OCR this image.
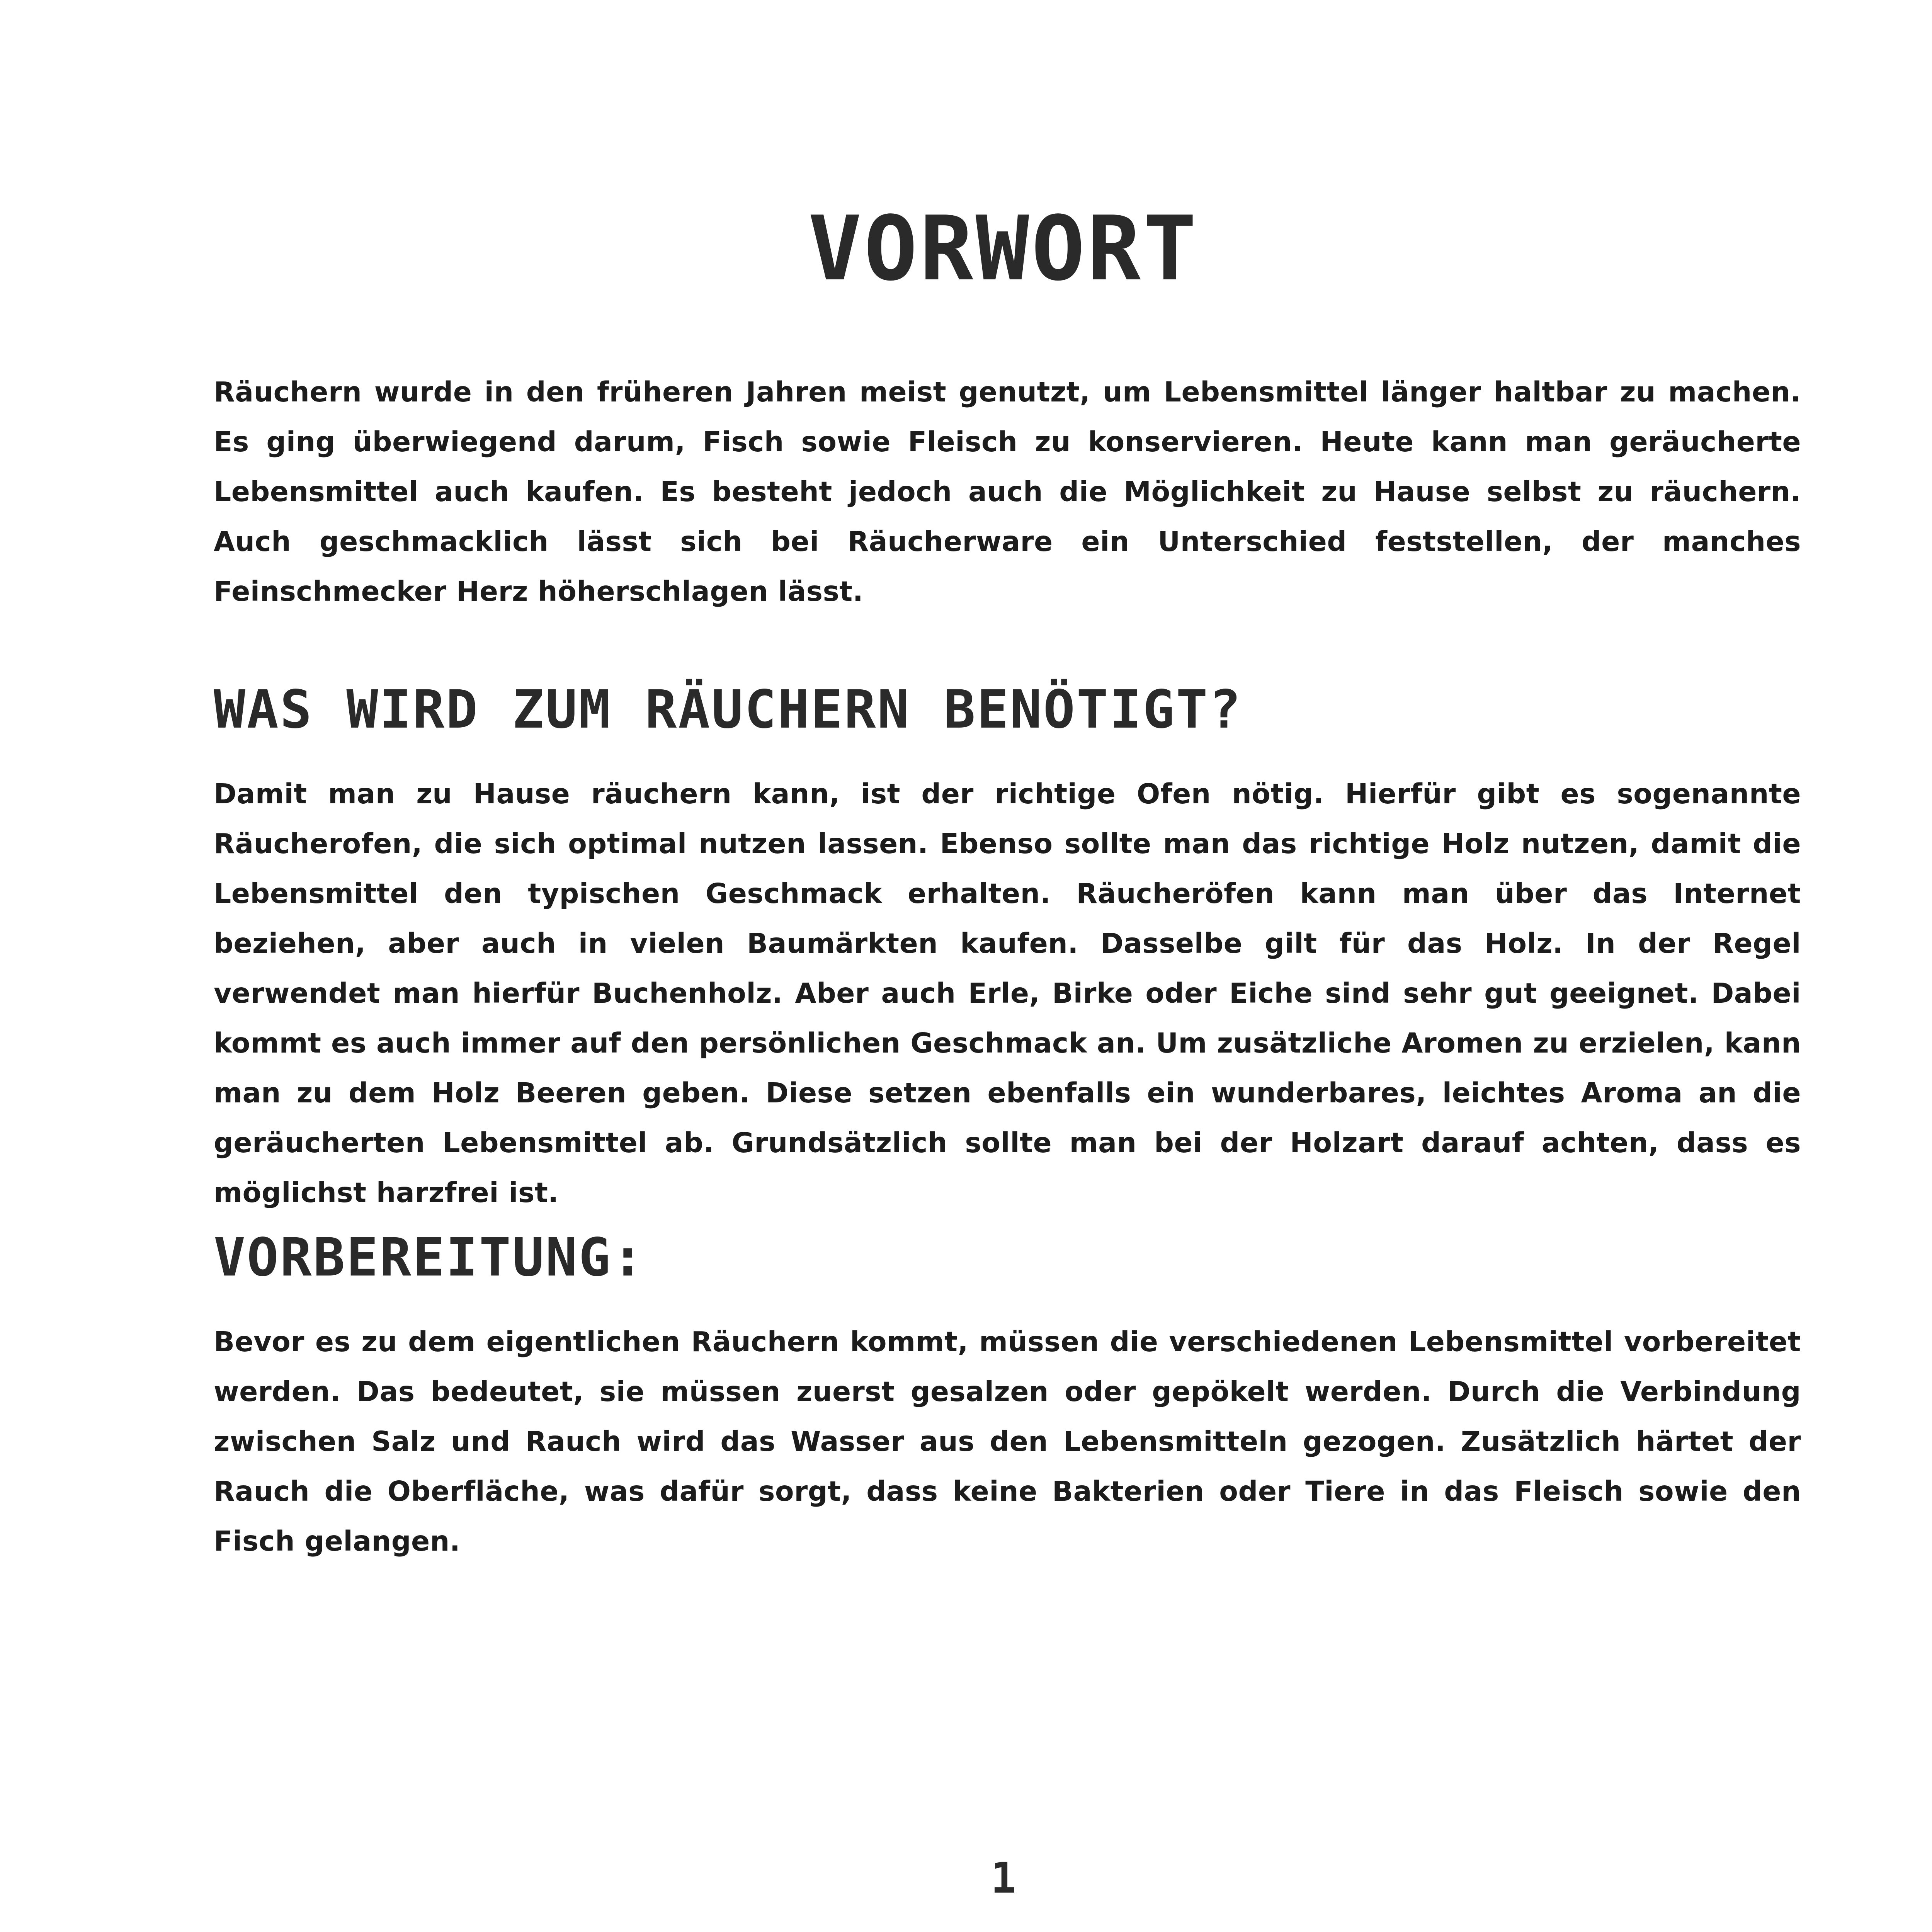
VORWORT

Räuchern wurde in den früheren Jahren meist genutzt, um Lebensmittel länger haltbar zu machen. Es ging überwiegend darum, Fisch sowie Fleisch zu konservieren. Heute kann man geräucherte Lebensmittel auch kaufen. Es besteht jedoch auch die Möglichkeit zu Hause selbst zu räuchern. Auch geschmacklich lässt sich bei Räucherware ein Unterschied feststellen, der manches Feinschmecker Herz höherschlagen lässt.

WAS WIRD ZUM RÄUCHERN BENÖTIGT?

Damit man zu Hause räuchern kann, ist der richtige Ofen nötig. Hierfür gibt es sogenannte Räucherofen, die sich optimal nutzen lassen. Ebenso sollte man das richtige Holz nutzen, damit die Lebensmittel den typischen Geschmack erhalten. Räucheröfen kann man über das Internet beziehen, aber auch in vielen Baumärkten kaufen. Dasselbe gilt für das Holz. In der Regel verwendet man hierfür Buchenholz. Aber auch Erle, Birke oder Eiche sind sehr gut geeignet. Dabei kommt es auch immer auf den persönlichen Geschmack an. Um zusätzliche Aromen zu erzielen, kann man zu dem Holz Beeren geben. Diese setzen ebenfalls ein wunderbares, leichtes Aroma an die geräucherten Lebensmittel ab. Grundsätzlich sollte man bei der Holzart darauf achten, dass es möglichst harzfrei ist.

VORBEREITUNG:

Bevor es zu dem eigentlichen Räuchern kommt, müssen die verschiedenen Lebensmittel vorbereitet werden. Das bedeutet, sie müssen zuerst gesalzen oder gepökelt werden. Durch die Verbindung zwischen Salz und Rauch wird das Wasser aus den Lebensmitteln gezogen. Zusätzlich härtet der Rauch die Oberfläche, was dafür sorgt, dass keine Bakterien oder Tiere in das Fleisch sowie den Fisch gelangen.

1
